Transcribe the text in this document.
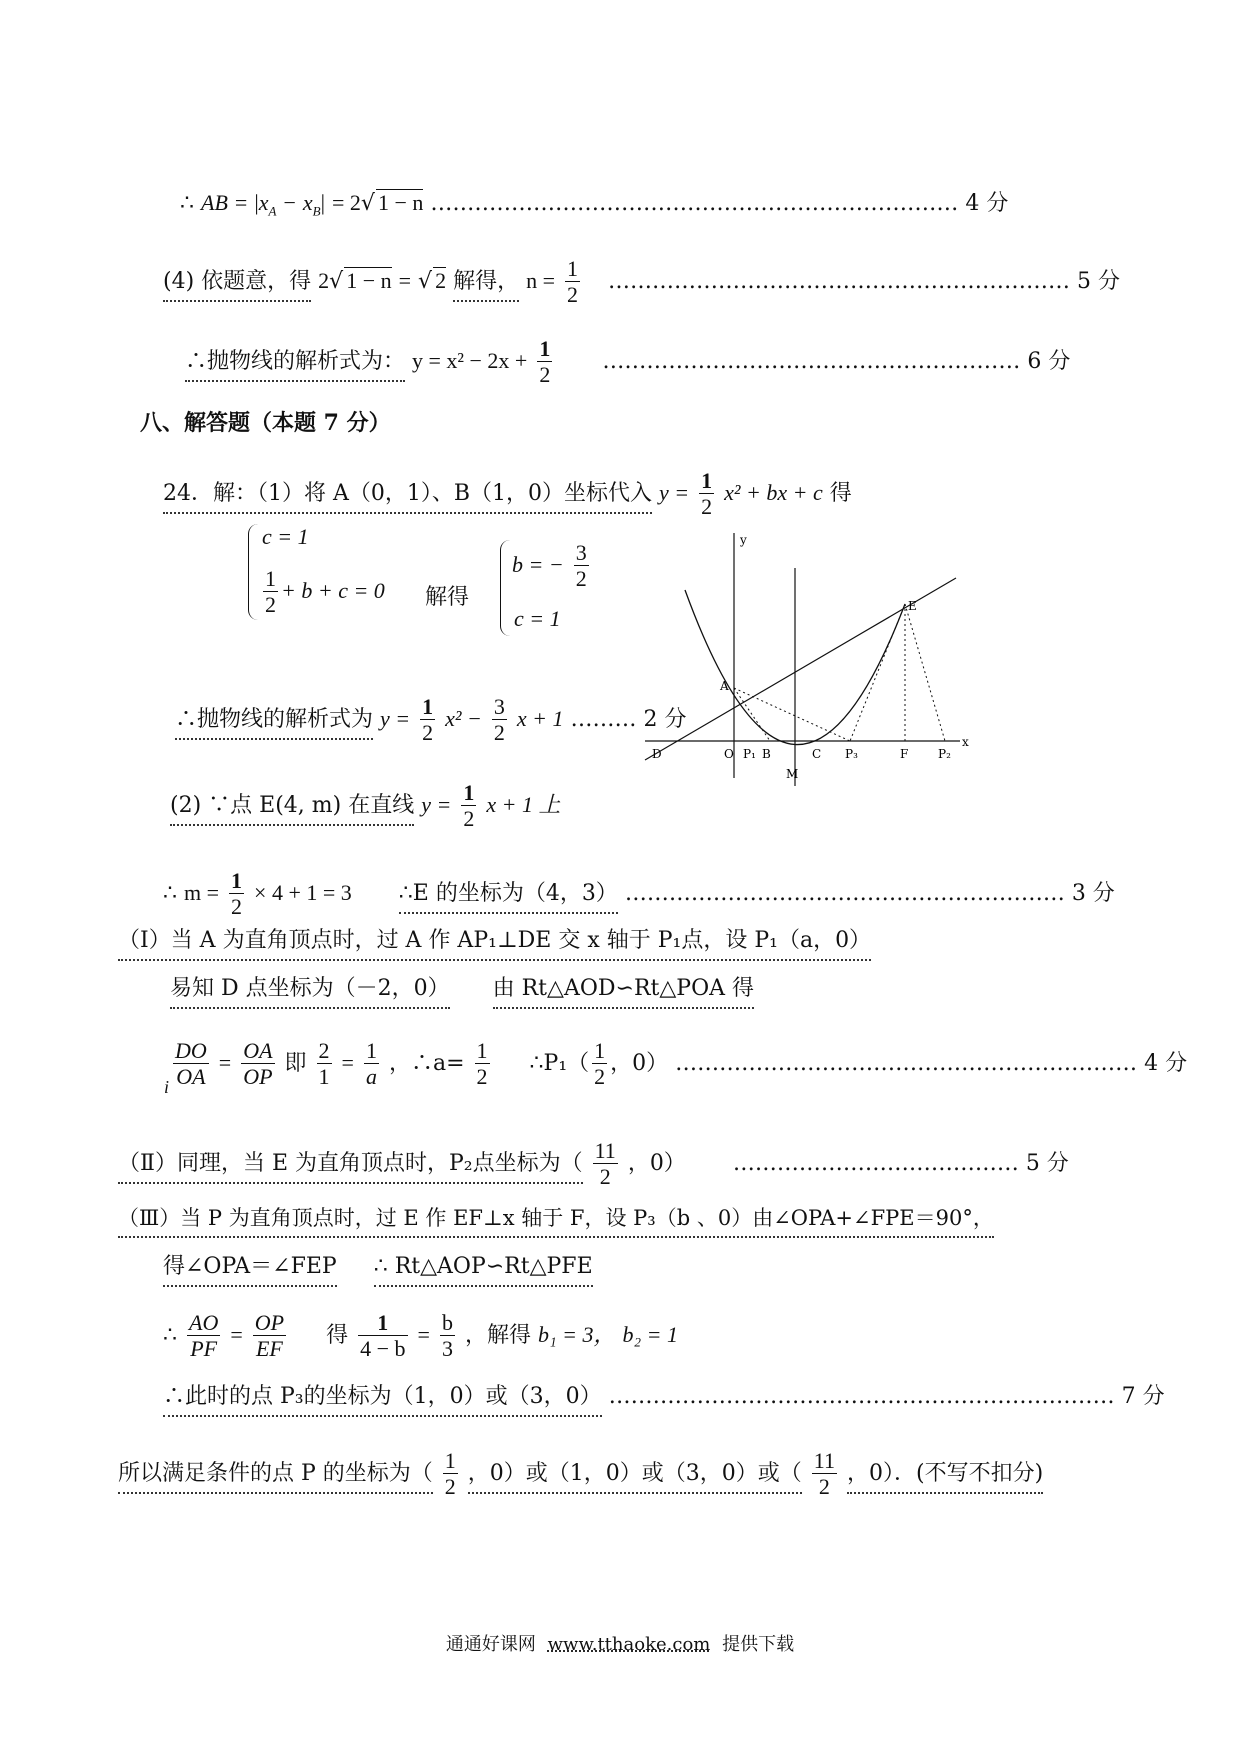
∴ AB = $|x_A - x_B| = 2√$ 1 − n ……………………………………………………………… 4 分
(4) 依题意，得 2√ 1 − n = √ 2 解得， $n = \frac{1}{2}$ ……………………………………………………… 5 分
∴抛物线的解析式为： $y = x^2 - 2x + \frac{1}{2}$ ………………………………………………… 6 分
八、解答题（本题 7 分）
24．解：（1）将 A（0，1）、B（1，0）坐标代入 $y = \frac{1}{2} x^2$ + bx + c 得
c = 1
$\frac{1}{2} + b + c = 0$ 解得
b = − $\frac{3}{2}$
c = 1
∴抛物线的解析式为 $y = \frac{1}{2} x^2 - \frac{3}{2}$ x + 1 ……… 2 分
y
x
A
E
D	O P₁ B	C P₃	F P₂
M
(2) ∵点 E(4, m) 在直线 $y = \frac{1}{2}$ x + 1 上
∴ $m = \frac{1}{2} \times 4 + 1 = 3$ ∴E 的坐标为（4，3） …………………………………………………… 3 分
（Ⅰ）当 A 为直角顶点时，过 A 作 AP₁⊥DE 交 x 轴于 P₁点，设 P₁（a，0）
易知 D 点坐标为（－2，0） 由 Rt△AOD∽Rt△POA 得
i $\frac{DO}{OA} = \frac{OA}{OP}$ 即 $\frac{2}{1} = \frac{1}{a}$ ，∴a= $\frac{1}{2}$ ∴P₁（ $\frac{1}{2}$ ，0） ……………………………………………………… 4 分
（Ⅱ）同理，当 E 为直角顶点时，P₂点坐标为（ $\frac{11}{2}$ ，0） ………………………………… 5 分
（Ⅲ）当 P 为直角顶点时，过 E 作 EF⊥x 轴于 F，设 P₃（b 、0）由∠OPA+∠FPE＝90°，
得∠OPA＝∠FEP ∴ Rt△AOP∽Rt△PFE
∴ $\frac{AO}{PF} = \frac{OP}{EF}$ 得 $\frac{1}{4 - b} = \frac{b}{3}$ ，解得 b₁ = 3， b₂ = 1
∴此时的点 P₃的坐标为（1，0）或（3，0） …………………………………………………………… 7 分
所以满足条件的点 P 的坐标为（ $\frac{1}{2}$ ，0）或（1，0）或（3，0）或（ $\frac{11}{2}$ ，0）．(不写不扣分)
通通好课网 www.tthaoke.com 提供下载
